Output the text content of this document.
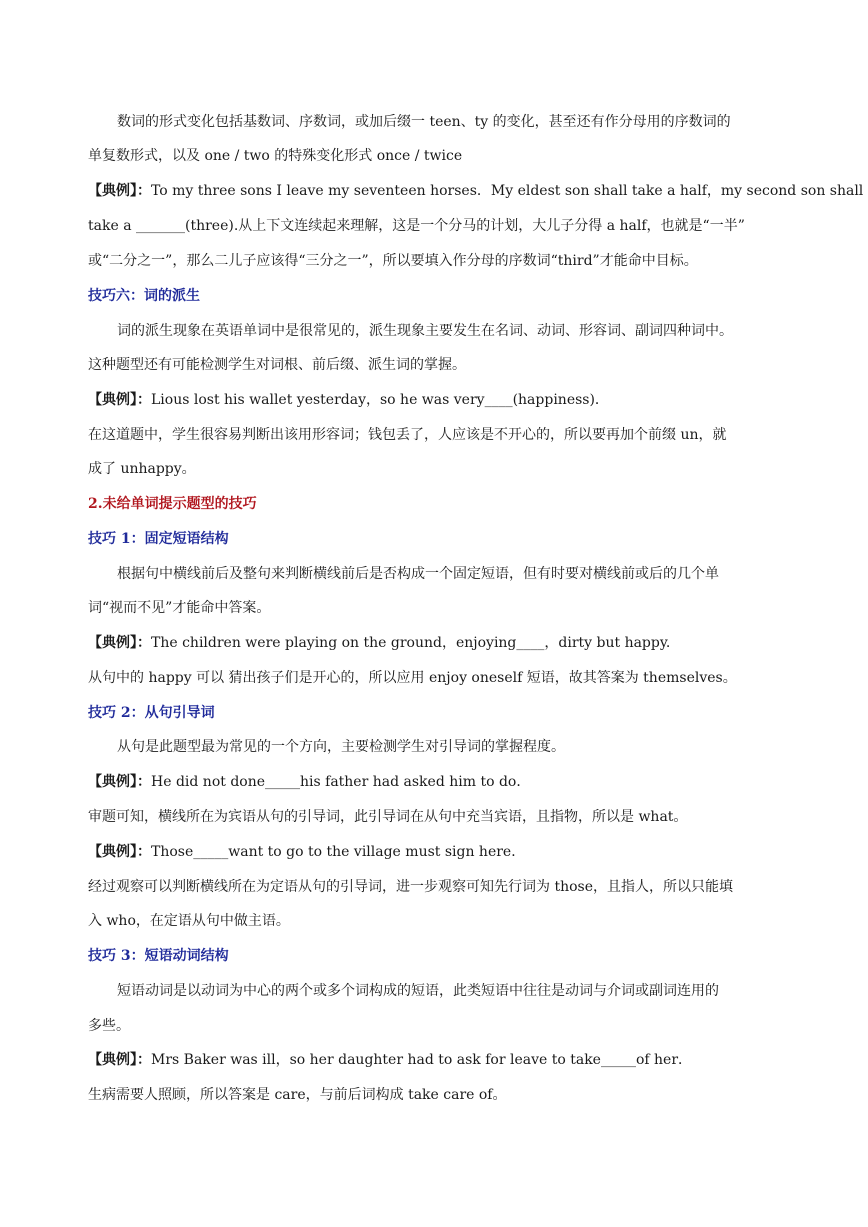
数词的形式变化包括基数词、序数词，或加后缀一 teen、ty 的变化，甚至还有作分母用的序数词的
单复数形式，以及 one / two 的特殊变化形式 once / twice
【典例】：To my three sons I leave my seventeen horses．My eldest son shall take a half，my second son shall
take a _______(three).从上下文连续起来理解，这是一个分马的计划，大儿子分得 a half，也就是“一半”
或“二分之一”，那么二儿子应该得“三分之一”，所以要填入作分母的序数词“third”才能命中目标。
技巧六：词的派生
词的派生现象在英语单词中是很常见的，派生现象主要发生在名词、动词、形容词、副词四种词中。
这种题型还有可能检测学生对词根、前后缀、派生词的掌握。
【典例】：Lious lost his wallet yesterday，so he was very____(happiness)．
在这道题中，学生很容易判断出该用形容词；钱包丢了，人应该是不开心的，所以要再加个前缀 un，就
成了 unhappy。
2.未给单词提示题型的技巧
技巧 1：固定短语结构
根据句中横线前后及整句来判断横线前后是否构成一个固定短语，但有时要对横线前或后的几个单
词“视而不见”才能命中答案。
【典例】：The children were playing on the ground，enjoying____，dirty but happy.
从句中的 happy 可以 猜出孩子们是开心的，所以应用 enjoy oneself 短语，故其答案为 themselves。
技巧 2：从句引导词
从句是此题型最为常见的一个方向，主要检测学生对引导词的掌握程度。
【典例】：He did not done_____his father had asked him to do．
审题可知，横线所在为宾语从句的引导词，此引导词在从句中充当宾语，且指物，所以是 what。
【典例】：Those_____want to go to the village must sign here．
经过观察可以判断横线所在为定语从句的引导词，进一步观察可知先行词为 those，且指人，所以只能填
入 who，在定语从句中做主语。
技巧 3：短语动词结构
短语动词是以动词为中心的两个或多个词构成的短语，此类短语中往往是动词与介词或副词连用的
多些。
【典例】：Mrs Baker was ill，so her daughter had to ask for leave to take_____of her．
生病需要人照顾，所以答案是 care，与前后词构成 take care of。
